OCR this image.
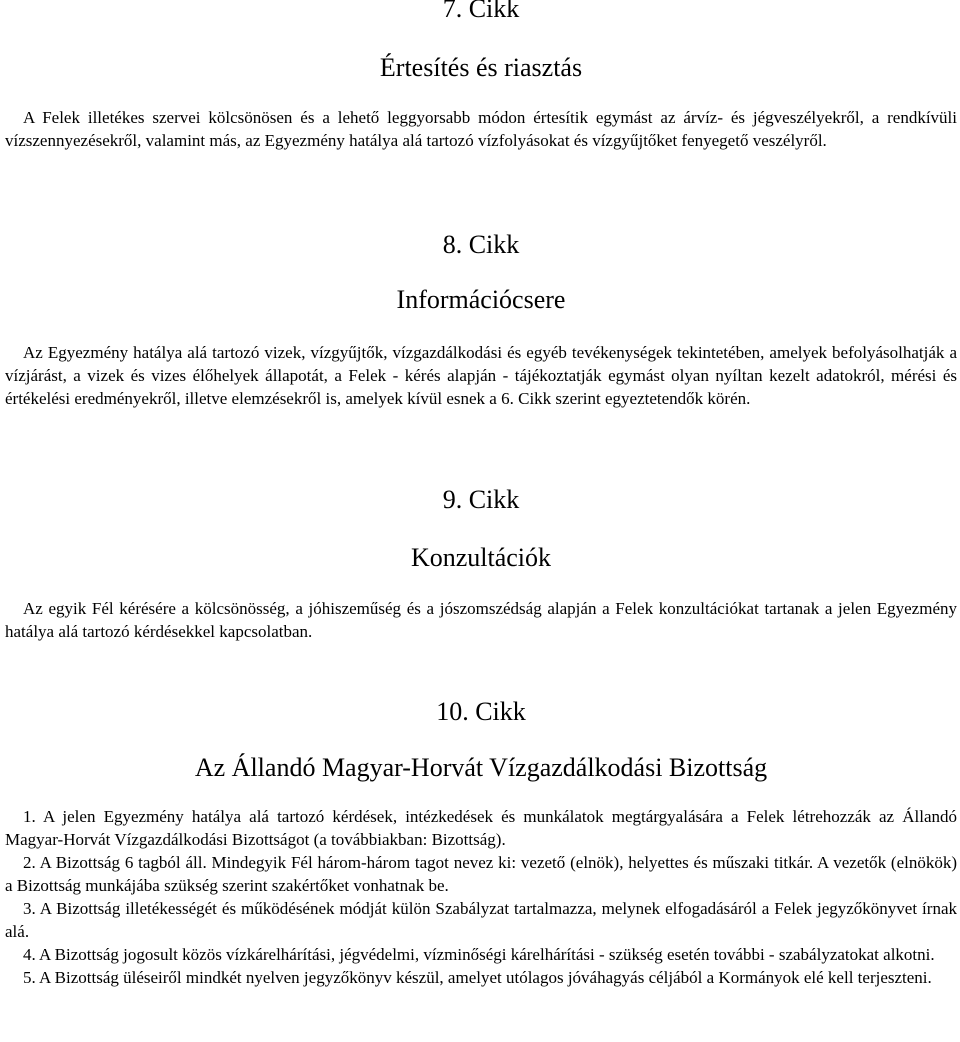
7. Cikk
Értesítés és riasztás

A Felek illetékes szervei kölcsönösen és a lehető leggyorsabb módon értesítik egymást az árvíz- és jégveszélyekről, a rendkívüli vízszennyezésekről, valamint más, az Egyezmény hatálya alá tartozó vízfolyásokat és vízgyűjtőket fenyegető veszélyről.

8. Cikk
Információcsere

Az Egyezmény hatálya alá tartozó vizek, vízgyűjtők, vízgazdálkodási és egyéb tevékenységek tekintetében, amelyek befolyásolhatják a vízjárást, a vizek és vizes élőhelyek állapotát, a Felek - kérés alapján - tájékoztatják egymást olyan nyíltan kezelt adatokról, mérési és értékelési eredményekről, illetve elemzésekről is, amelyek kívül esnek a 6. Cikk szerint egyeztetendők körén.

9. Cikk
Konzultációk

Az egyik Fél kérésére a kölcsönösség, a jóhiszeműség és a jószomszédság alapján a Felek konzultációkat tartanak a jelen Egyezmény hatálya alá tartozó kérdésekkel kapcsolatban.

10. Cikk
Az Állandó Magyar-Horvát Vízgazdálkodási Bizottság

1. A jelen Egyezmény hatálya alá tartozó kérdések, intézkedések és munkálatok megtárgyalására a Felek létrehozzák az Állandó Magyar-Horvát Vízgazdálkodási Bizottságot (a továbbiakban: Bizottság).

2. A Bizottság 6 tagból áll. Mindegyik Fél három-három tagot nevez ki: vezető (elnök), helyettes és műszaki titkár. A vezetők (elnökök) a Bizottság munkájába szükség szerint szakértőket vonhatnak be.

3. A Bizottság illetékességét és működésének módját külön Szabályzat tartalmazza, melynek elfogadásáról a Felek jegyzőkönyvet írnak alá.

4. A Bizottság jogosult közös vízkárelhárítási, jégvédelmi, vízminőségi kárelhárítási - szükség esetén további - szabályzatokat alkotni.

5. A Bizottság üléseiről mindkét nyelven jegyzőkönyv készül, amelyet utólagos jóváhagyás céljából a Kormányok elé kell terjeszteni.
